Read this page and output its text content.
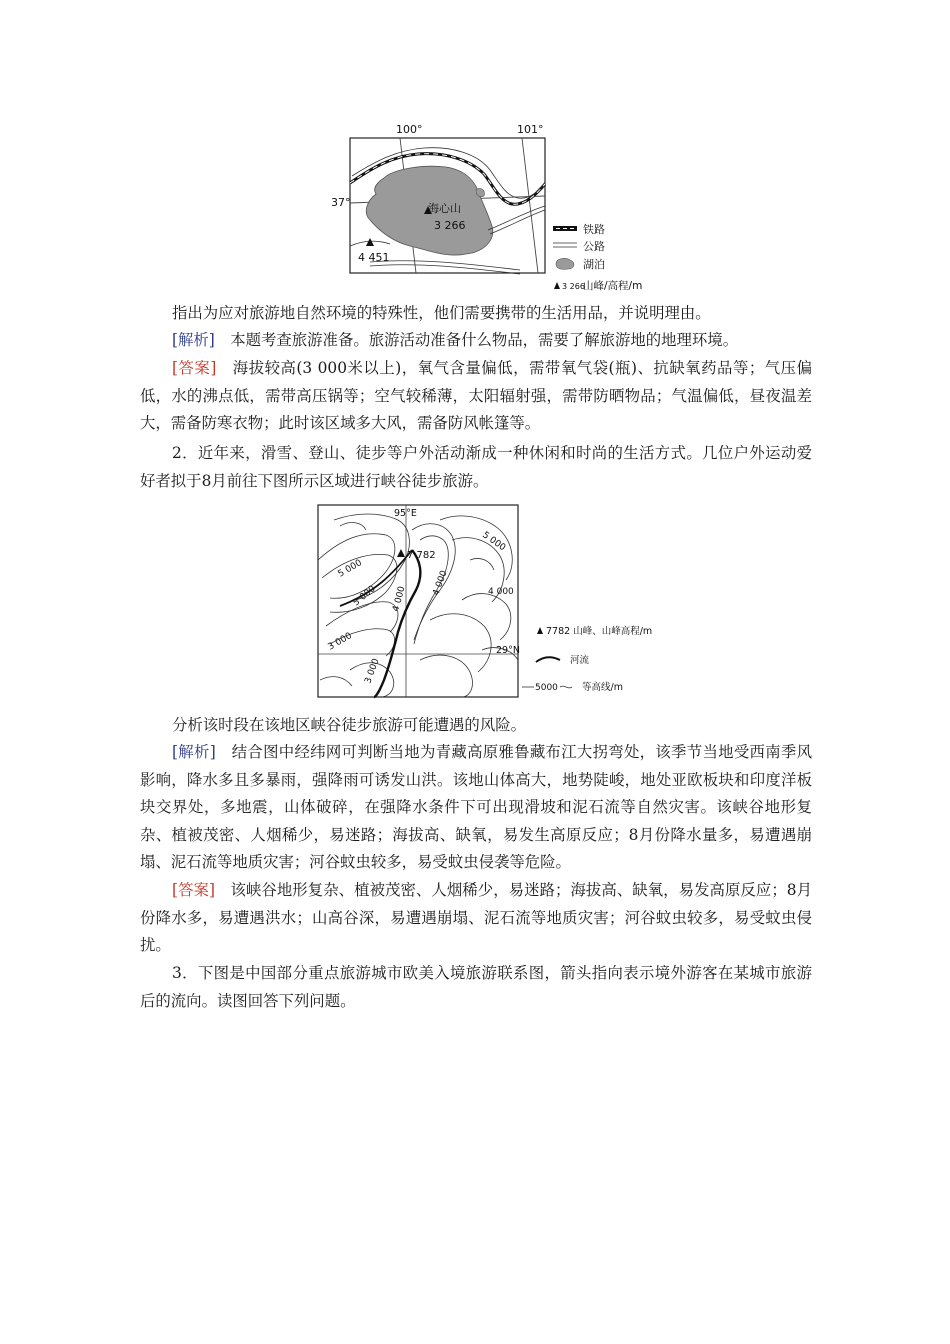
100°	101°
37°	海心山
3 266
4 451
铁路
公路
湖泊
3 266
山峰/高程/m
指出为应对旅游地自然环境的特殊性，他们需要携带的生活用品，并说明理由。
[解析]　 本题考查旅游准备。旅游活动准备什么物品，需要了解旅游地的地理环境。
[答案]　 海拔较高(3 000米以上)，氧气含量偏低，需带氧气袋(瓶)、抗缺氧药品等；气压偏低，水的沸点低，需带高压锅等；空气较稀薄，太阳辐射强，需带防晒物品；气温偏低，昼夜温差大，需备防寒衣物；此时该区域多大风，需备防风帐篷等。
2．近年来，滑雪、登山、徒步等户外活动渐成一种休闲和时尚的生活方式。几位户外运动爱好者拟于8月前往下图所示区域进行峡谷徒步旅游。
95°E
29°N
7 782
5 000
5 000
5 000
4 000
4 000	4 000
3 000
3 000	7782 山峰、山峰高程/m
河流
5000	等高线/m
分析该时段在该地区峡谷徒步旅游可能遭遇的风险。
[解析]　 结合图中经纬网可判断当地为青藏高原雅鲁藏布江大拐弯处，该季节当地受西南季风影响，降水多且多暴雨，强降雨可诱发山洪。该地山体高大，地势陡峻，地处亚欧板块和印度洋板块交界处，多地震，山体破碎，在强降水条件下可出现滑坡和泥石流等自然灾害。该峡谷地形复杂、植被茂密、人烟稀少，易迷路；海拔高、缺氧，易发生高原反应；8月份降水量多，易遭遇崩塌、泥石流等地质灾害；河谷蚊虫较多，易受蚊虫侵袭等危险。
[答案]　 该峡谷地形复杂、植被茂密、人烟稀少，易迷路；海拔高、缺氧，易发高原反应；8月份降水多，易遭遇洪水；山高谷深，易遭遇崩塌、泥石流等地质灾害；河谷蚊虫较多，易受蚊虫侵扰。
3．下图是中国部分重点旅游城市欧美入境旅游联系图，箭头指向表示境外游客在某城市旅游后的流向。读图回答下列问题。
